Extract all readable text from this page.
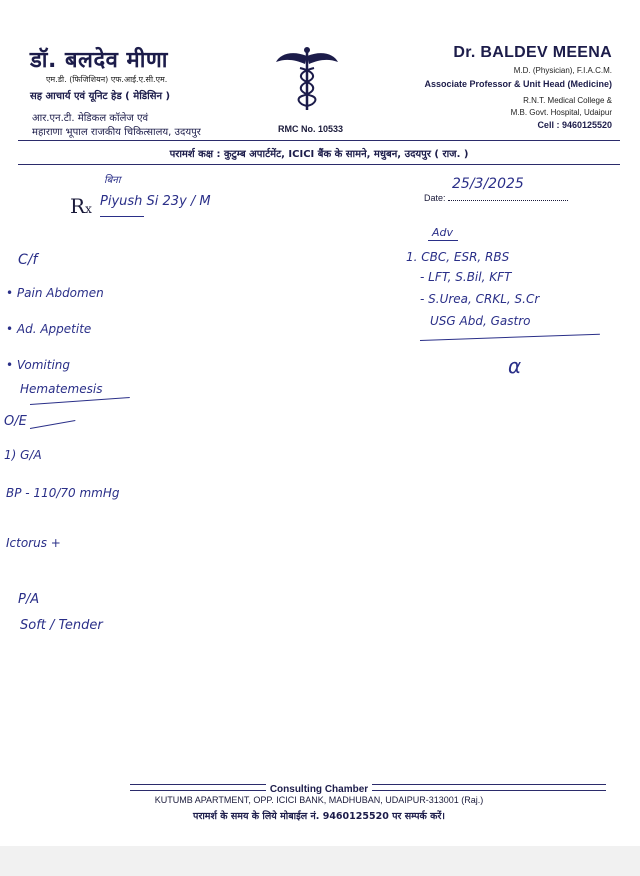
डॉ. बलदेव मीणा
एम.डी. (फिजिशियन) एफ.आई.ए.सी.एम.
सह आचार्य एवं यूनिट हेड ( मेडिसिन )
आर.एन.टी. मेडिकल कॉलेज एवं
महाराणा भूपाल राजकीय चिकित्सालय, उदयपुर	RMC No. 10533
Dr. BALDEV MEENA
M.D. (Physician), F.I.A.C.M.
Associate Professor & Unit Head (Medicine)
R.N.T. Medical College &
M.B. Govt. Hospital, Udaipur
Cell : 9460125520
परामर्श कक्ष : कुटुम्ब अपार्टमेंट, ICICI बैंक के सामने, मधुबन, उदयपुर ( राज. )
25/3/2025
Date:
Rx
बिना
Piyush Si 23y / M
C/f
• Pain Abdomen
• Ad. Appetite
• Vomiting
Hematemesis
O/E
1) G/A
BP - 110/70 mmHg
Ictorus +
P/A
Soft / Tender
Adv
1. CBC, ESR, RBS
- LFT, S.Bil, KFT
- S.Urea, CRKL, S.Cr
USG Abd, Gastro
α
Consulting Chamber
KUTUMB APARTMENT, OPP. ICICI BANK, MADHUBAN, UDAIPUR-313001 (Raj.)
परामर्श के समय के लिये मोबाईल नं. 9460125520 पर सम्पर्क करें।
